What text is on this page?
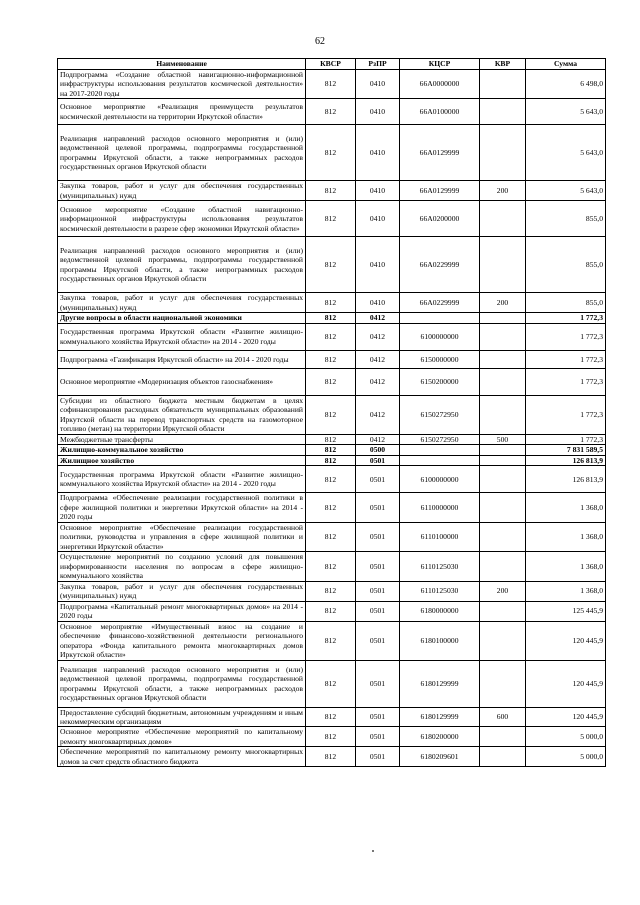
62
Наименование	КВСР	РзПР	КЦСР	КВР	Сумма
Подпрограмма «Создание областной навигационно-информационной инфраструктуры использования результатов космической деятельности» на 2017-2020 годы	812	0410	66А0000000		6 498,0
Основное мероприятие «Реализация преимуществ результатов космической деятельности на территории Иркутской области»	812	0410	66А0100000		5 643,0
Реализация направлений расходов основного мероприятия и (или) ведомственной целевой программы, подпрограммы государственной программы Иркутской области, а также непрограммных расходов государственных органов Иркутской области	812	0410	66А0129999		5 643,0
Закупка товаров, работ и услуг для обеспечения государственных (муниципальных) нужд	812	0410	66А0129999	200	5 643,0
Основное мероприятие «Создание областной навигационно-информационной инфраструктуры использования результатов космической деятельности в разрезе сфер экономики Иркутской области»	812	0410	66А0200000		855,0
Реализация направлений расходов основного мероприятия и (или) ведомственной целевой программы, подпрограммы государственной программы Иркутской области, а также непрограммных расходов государственных органов Иркутской области	812	0410	66А0229999		855,0
Закупка товаров, работ и услуг для обеспечения государственных (муниципальных) нужд	812	0410	66А0229999	200	855,0
Другие вопросы в области национальной экономики	812	0412			1 772,3
Государственная программа Иркутской области «Развитие жилищно-коммунального хозяйства Иркутской области» на 2014 - 2020 годы	812	0412	6100000000		1 772,3
Подпрограмма «Газификация Иркутской области» на 2014 - 2020 годы	812	0412	6150000000		1 772,3
Основное мероприятие «Модернизация объектов газоснабжения»	812	0412	6150200000		1 772,3
Субсидии из областного бюджета местным бюджетам в целях софинансирования расходных обязательств муниципальных образований Иркутской области на перевод транспортных средств на газомоторное топливо (метан) на территории Иркутской области	812	0412	6150272950		1 772,3
Межбюджетные трансферты	812	0412	6150272950	500	1 772,3
Жилищно-коммунальное хозяйство	812	0500			7 831 589,5
Жилищное хозяйство	812	0501			126 813,9
Государственная программа Иркутской области «Развитие жилищно-коммунального хозяйства Иркутской области» на 2014 - 2020 годы	812	0501	6100000000		126 813,9
Подпрограмма «Обеспечение реализации государственной политики в сфере жилищной политики и энергетики Иркутской области» на 2014 - 2020 годы	812	0501	6110000000		1 368,0
Основное мероприятие «Обеспечение реализации государственной политики, руководства и управления в сфере жилищной политики и энергетики Иркутской области»	812	0501	6110100000		1 368,0
Осуществление мероприятий по созданию условий для повышения информированности населения по вопросам в сфере жилищно-коммунального хозяйства	812	0501	6110125030		1 368,0
Закупка товаров, работ и услуг для обеспечения государственных (муниципальных) нужд	812	0501	6110125030	200	1 368,0
Подпрограмма «Капитальный ремонт многоквартирных домов» на 2014 - 2020 годы	812	0501	6180000000		125 445,9
Основное мероприятие «Имущественный взнос на создание и обеспечение финансово-хозяйственной деятельности регионального оператора «Фонда капитального ремонта многоквартирных домов Иркутской области»	812	0501	6180100000		120 445,9
Реализация направлений расходов основного мероприятия и (или) ведомственной целевой программы, подпрограммы государственной программы Иркутской области, а также непрограммных расходов государственных органов Иркутской области	812	0501	6180129999		120 445,9
Предоставление субсидий бюджетным, автономным учреждениям и иным некоммерческим организациям	812	0501	6180129999	600	120 445,9
Основное мероприятие «Обеспечение мероприятий по капитальному ремонту многоквартирных домов»	812	0501	6180200000		5 000,0
Обеспечение мероприятий по капитальному ремонту многоквартирных домов за счет средств областного бюджета	812	0501	6180209601		5 000,0
